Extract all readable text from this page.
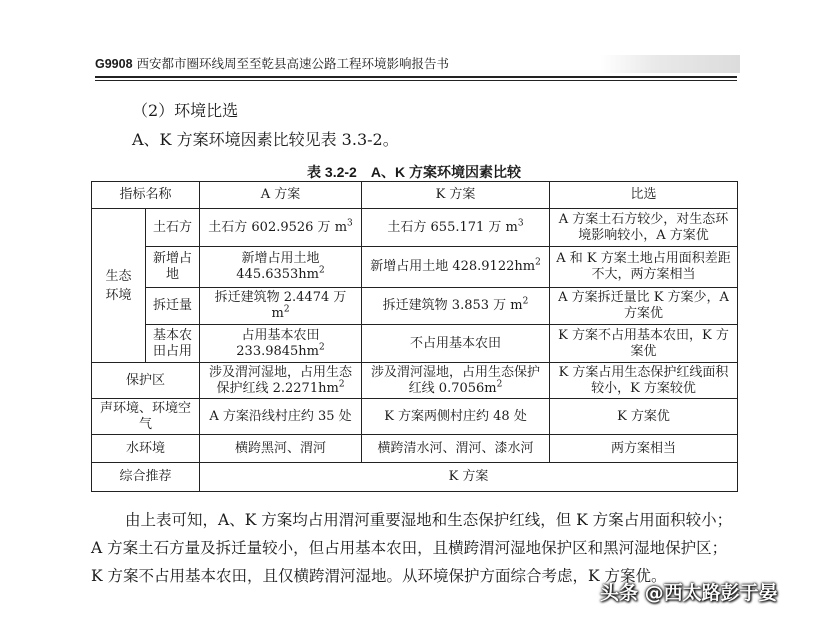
G9908 西安都市圈环线周至至乾县高速公路工程环境影响报告书
（2）环境比选
A、K 方案环境因素比较见表 3.3-2。
表 3.2-2　A、K 方案环境因素比较
指标名称		A 方案	K 方案	比选
生态环境	土石方	土石方 602.9526 万 $m^3$	土石方 655.171 万 $m^3$	A 方案土石方较少，对生态环境影响较小，A 方案优
	新增占地	新增占用土地 $445.6353hm^2$	新增占用土地 $428.9122hm^2$	A 和 K 方案土地占用面积差距不大，两方案相当
	拆迁量	拆迁建筑物 2.4474 万 $m^2$	拆迁建筑物 3.853 万 $m^2$	A 方案拆迁量比 K 方案少，A 方案优
	基本农田占用	占用基本农田 $233.9845hm^2$	不占用基本农田	K 方案不占用基本农田，K 方案优
保护区		涉及渭河湿地，占用生态保护红线 $2.2271hm^2$	涉及渭河湿地，占用生态保护红线 $0.7056m^2$	K 方案占用生态保护红线面积较小，K 方案较优
声环境、环境空气		A 方案沿线村庄约 35 处	K 方案两侧村庄约 48 处	K 方案优
水环境		横跨黑河、渭河	横跨清水河、渭河、漆水河	两方案相当
综合推荐		K 方案		
由上表可知，A、K 方案均占用渭河重要湿地和生态保护红线，但 K 方案占用面积较小；A 方案土石方量及拆迁量较小，但占用基本农田，且横跨渭河湿地保护区和黑河湿地保护区；K 方案不占用基本农田，且仅横跨渭河湿地。从环境保护方面综合考虑，K 方案优。
头条 @西太路彭于晏
